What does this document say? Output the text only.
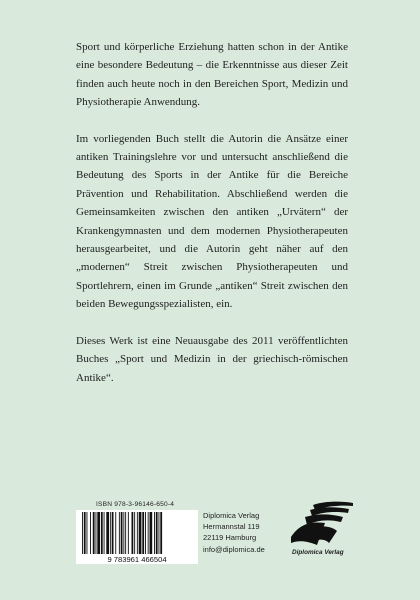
Sport und körperliche Erziehung hatten schon in der Antike eine besondere Bedeutung – die Erkenntnisse aus dieser Zeit finden auch heute noch in den Bereichen Sport, Medizin und Physiotherapie Anwendung.

Im vorliegenden Buch stellt die Autorin die Ansätze einer antiken Trainingslehre vor und untersucht anschließend die Bedeutung des Sports in der Antike für die Bereiche Prävention und Rehabilitation. Abschließend werden die Gemeinsamkeiten zwischen den antiken „Urvätern“ der Krankengymnasten und dem modernen Physiotherapeuten herausgearbeitet, und die Autorin geht näher auf den „modernen“ Streit zwischen Physiotherapeuten und Sportlehrern, einen im Grunde „antiken“ Streit zwischen den beiden Bewegungsspezialisten, ein.

Dieses Werk ist eine Neuausgabe des 2011 veröffentlichten Buches „Sport und Medizin in der griechisch-römischen Antike“.

ISBN 978-3-96146-650-4
9 783961 466504
Diplomica Verlag
Hermannstal 119
22119 Hamburg
info@diplomica.de	Diplomica Verlag
